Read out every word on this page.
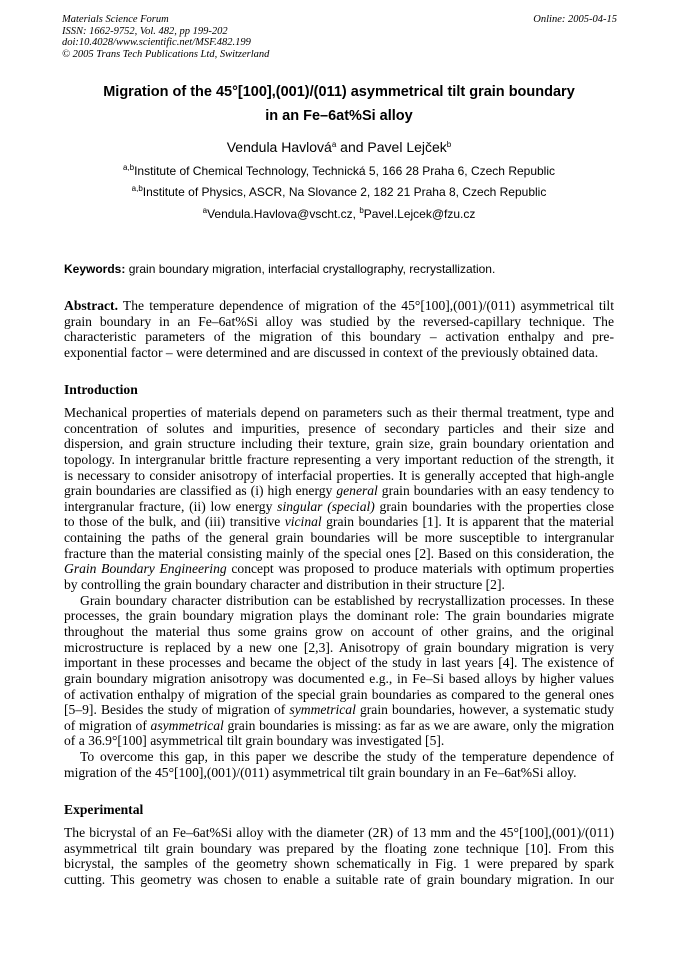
Materials Science Forum
ISSN: 1662-9752, Vol. 482, pp 199-202
doi:10.4028/www.scientific.net/MSF.482.199
© 2005 Trans Tech Publications Ltd, Switzerland
Online: 2005-04-15
Migration of the 45°[100],(001)/(011) asymmetrical tilt grain boundary
in an Fe–6at%Si alloy
Vendula Havlová$^a$ and Pavel Lejček$^b$
$^{a,b}$Institute of Chemical Technology, Technická 5, 166 28 Praha 6, Czech Republic
$^{a,b}$Institute of Physics, ASCR, Na Slovance 2, 182 21 Praha 8, Czech Republic
$^a$Vendula.Havlova@vscht.cz, $^b$Pavel.Lejcek@fzu.cz
Keywords: grain boundary migration, interfacial crystallography, recrystallization.
Abstract. The temperature dependence of migration of the 45°[100],(001)/(011) asymmetrical tilt
grain boundary in an Fe–6at%Si alloy was studied by the reversed-capillary technique. The
characteristic parameters of the migration of this boundary – activation enthalpy and pre-
exponential factor – were determined and are discussed in context of the previously obtained data.
Introduction
Mechanical properties of materials depend on parameters such as their thermal treatment, type and
concentration of solutes and impurities, presence of secondary particles and their size and
dispersion, and grain structure including their texture, grain size, grain boundary orientation and
topology. In intergranular brittle fracture representing a very important reduction of the strength, it
is necessary to consider anisotropy of interfacial properties. It is generally accepted that high-angle
grain boundaries are classified as (i) high energy general grain boundaries with an easy tendency to
intergranular fracture, (ii) low energy singular (special) grain boundaries with the properties close
to those of the bulk, and (iii) transitive vicinal grain boundaries [1]. It is apparent that the material
containing the paths of the general grain boundaries will be more susceptible to intergranular
fracture than the material consisting mainly of the special ones [2]. Based on this consideration, the
Grain Boundary Engineering concept was proposed to produce materials with optimum properties
by controlling the grain boundary character and distribution in their structure [2].
Grain boundary character distribution can be established by recrystallization processes. In these
processes, the grain boundary migration plays the dominant role: The grain boundaries migrate
throughout the material thus some grains grow on account of other grains, and the original
microstructure is replaced by a new one [2,3]. Anisotropy of grain boundary migration is very
important in these processes and became the object of the study in last years [4]. The existence of
grain boundary migration anisotropy was documented e.g., in Fe–Si based alloys by higher values
of activation enthalpy of migration of the special grain boundaries as compared to the general ones
[5–9]. Besides the study of migration of symmetrical grain boundaries, however, a systematic study
of migration of asymmetrical grain boundaries is missing: as far as we are aware, only the migration
of a 36.9°[100] asymmetrical tilt grain boundary was investigated [5].
To overcome this gap, in this paper we describe the study of the temperature dependence of
migration of the 45°[100],(001)/(011) asymmetrical tilt grain boundary in an Fe–6at%Si alloy.
Experimental
The bicrystal of an Fe–6at%Si alloy with the diameter (2R) of 13 mm and the 45°[100],(001)/(011)
asymmetrical tilt grain boundary was prepared by the floating zone technique [10]. From this
bicrystal, the samples of the geometry shown schematically in Fig. 1 were prepared by spark
cutting. This geometry was chosen to enable a suitable rate of grain boundary migration. In our
